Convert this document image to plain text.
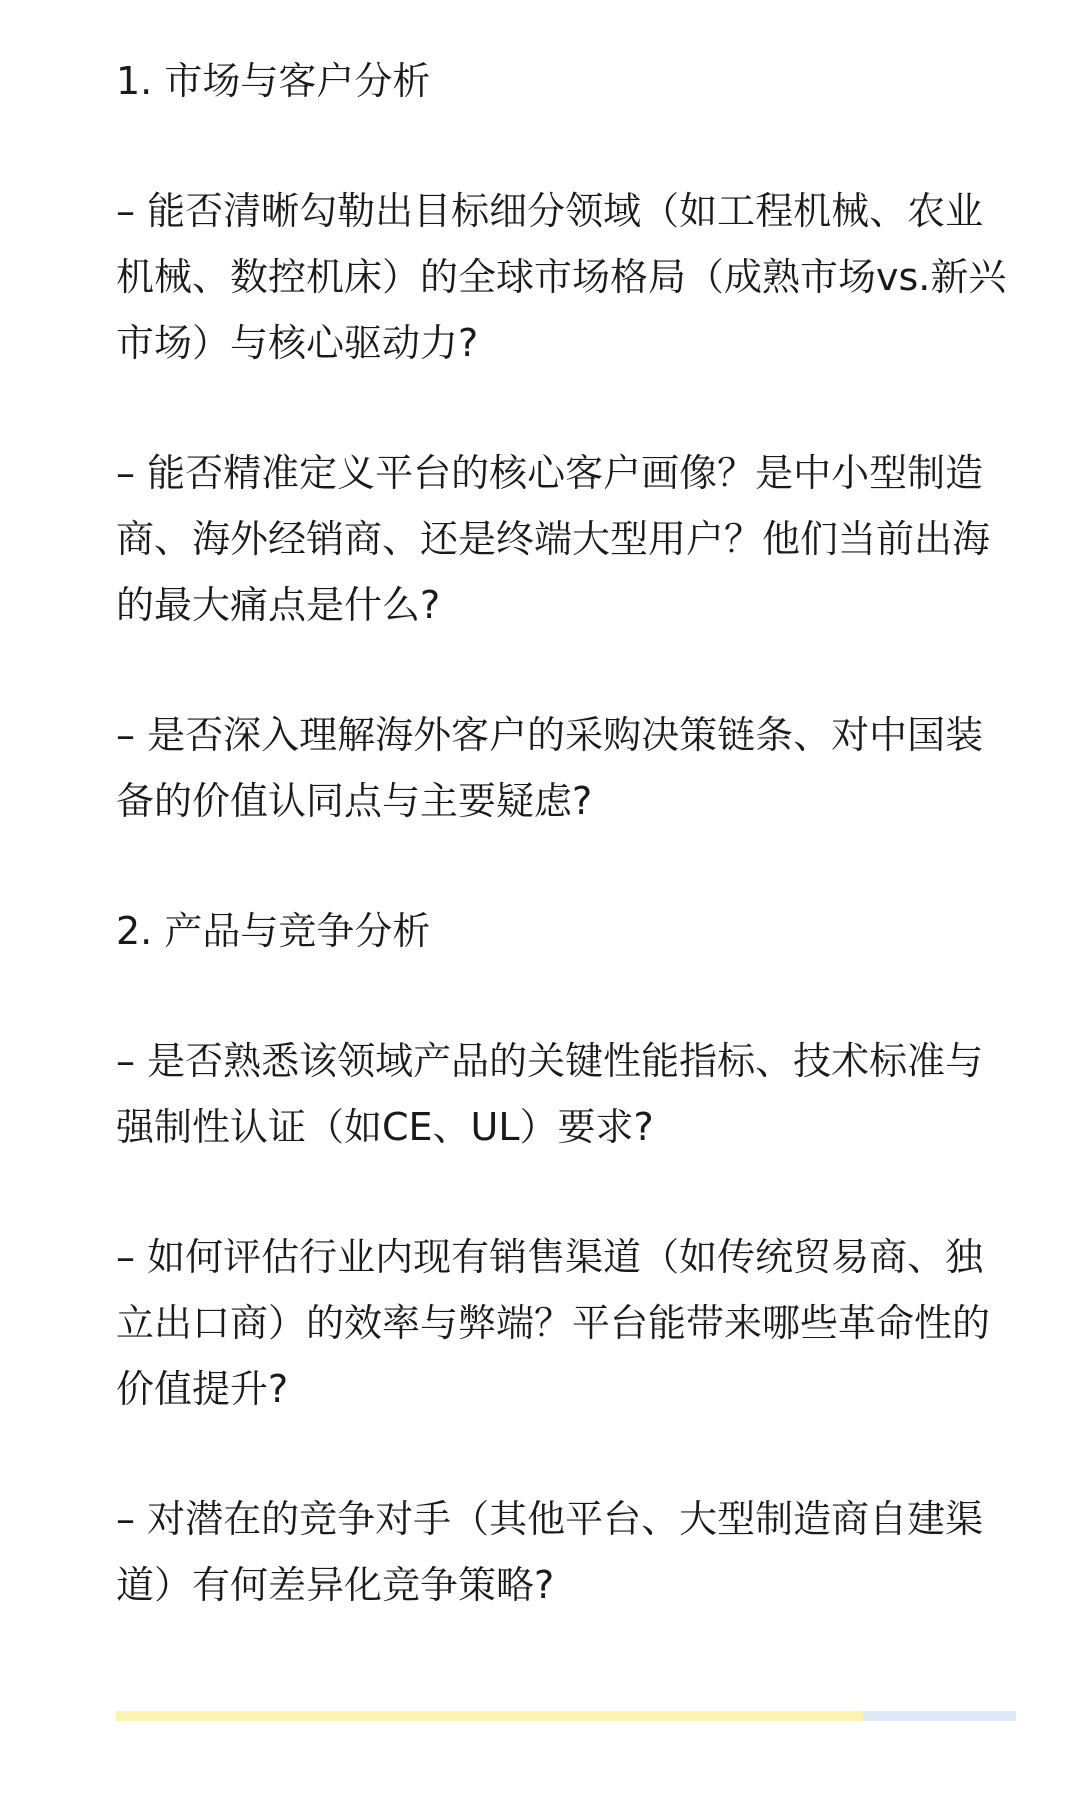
1. 市场与客户分析

– 能否清晰勾勒出目标细分领域（如工程机械、农业机械、数控机床）的全球市场格局（成熟市场vs.新兴市场）与核心驱动力?

– 能否精准定义平台的核心客户画像？是中小型制造商、海外经销商、还是终端大型用户？他们当前出海的最大痛点是什么?

– 是否深入理解海外客户的采购决策链条、对中国装备的价值认同点与主要疑虑?

2. 产品与竞争分析

– 是否熟悉该领域产品的关键性能指标、技术标准与强制性认证（如CE、UL）要求?

– 如何评估行业内现有销售渠道（如传统贸易商、独立出口商）的效率与弊端？平台能带来哪些革命性的价值提升?

– 对潜在的竞争对手（其他平台、大型制造商自建渠道）有何差异化竞争策略?
